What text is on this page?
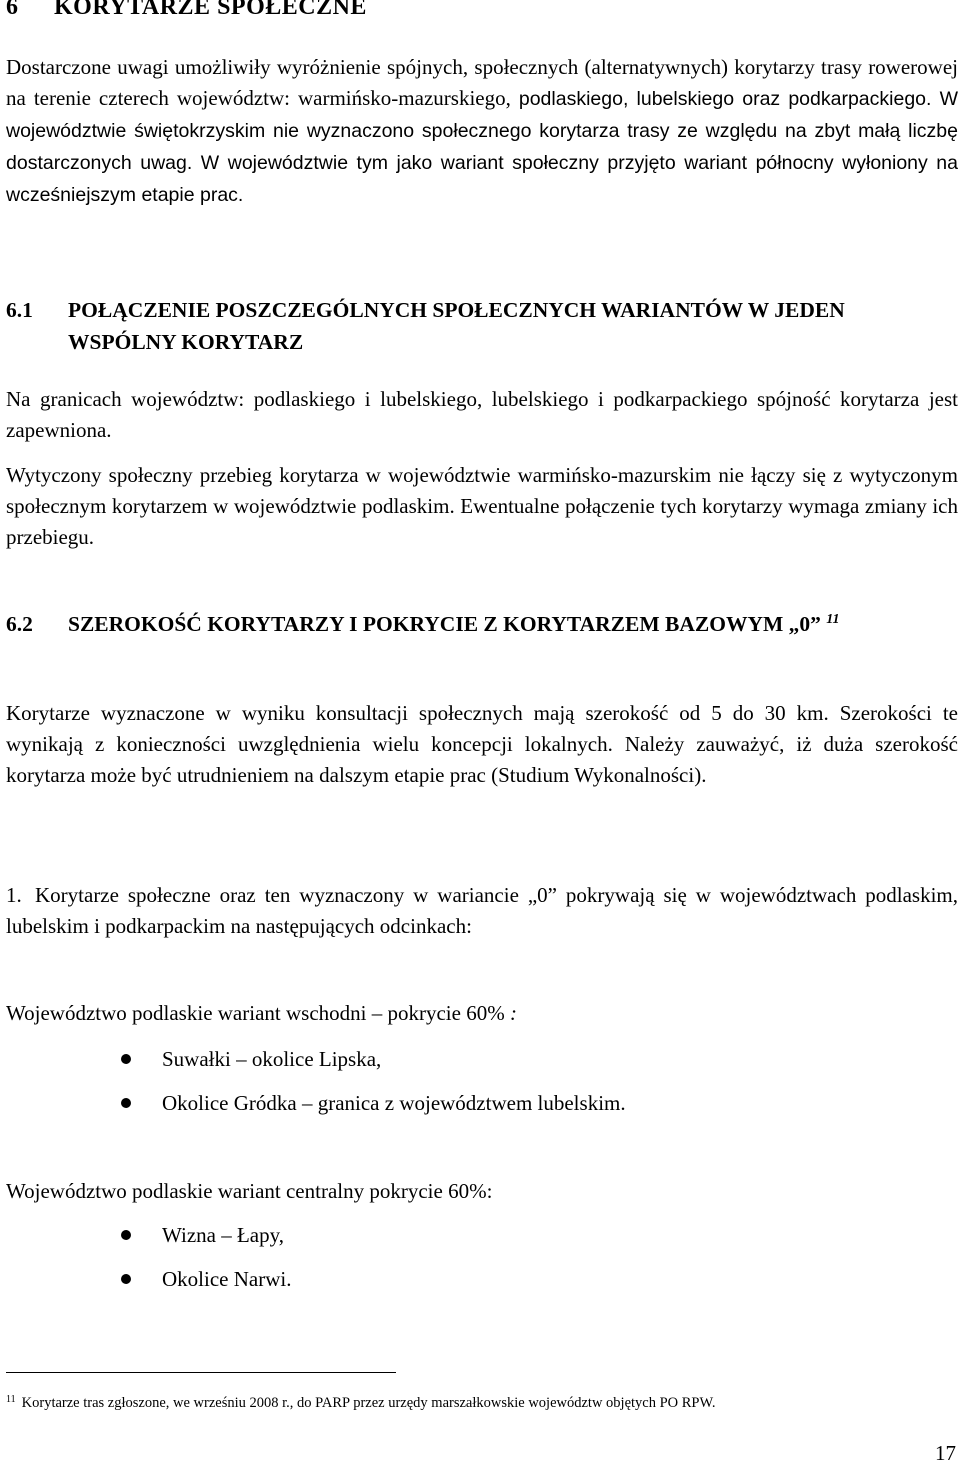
6 KORYTARZE SPOŁECZNE

Dostarczone uwagi umożliwiły wyróżnienie spójnych, społecznych (alternatywnych) korytarzy trasy rowerowej na terenie czterech województw: warmińsko-mazurskiego, podlaskiego, lubelskiego oraz podkarpackiego. W województwie świętokrzyskim nie wyznaczono społecznego korytarza trasy ze względu na zbyt małą liczbę dostarczonych uwag. W województwie tym jako wariant społeczny przyjęto wariant północny wyłoniony na wcześniejszym etapie prac.

6.1 POŁĄCZENIE POSZCZEGÓLNYCH SPOŁECZNYCH WARIANTÓW W JEDEN WSPÓLNY KORYTARZ

Na granicach województw: podlaskiego i lubelskiego, lubelskiego i podkarpackiego spójność korytarza jest zapewniona.

Wytyczony społeczny przebieg korytarza w województwie warmińsko-mazurskim nie łączy się z wytyczonym społecznym korytarzem w województwie podlaskim. Ewentualne połączenie tych korytarzy wymaga zmiany ich przebiegu.

6.2 SZEROKOŚĆ KORYTARZY I POKRYCIE Z KORYTARZEM BAZOWYM „0” $^{11}$

Korytarze wyznaczone w wyniku konsultacji społecznych mają szerokość od 5 do 30 km. Szerokości te wynikają z konieczności uwzględnienia wielu koncepcji lokalnych. Należy zauważyć, iż duża szerokość korytarza może być utrudnieniem na dalszym etapie prac (Studium Wykonalności).

1. Korytarze społeczne oraz ten wyznaczony w wariancie „0” pokrywają się w województwach podlaskim, lubelskim i podkarpackim na następujących odcinkach:

Województwo podlaskie wariant wschodni – pokrycie 60% :

Suwałki – okolice Lipska,
Okolice Gródka – granica z województwem lubelskim.

Województwo podlaskie wariant centralny pokrycie 60%:

Wizna – Łapy,
Okolice Narwi.

$^{11}$ Korytarze tras zgłoszone, we wrześniu 2008 r., do PARP przez urzędy marszałkowskie województw objętych PO RPW.

17
